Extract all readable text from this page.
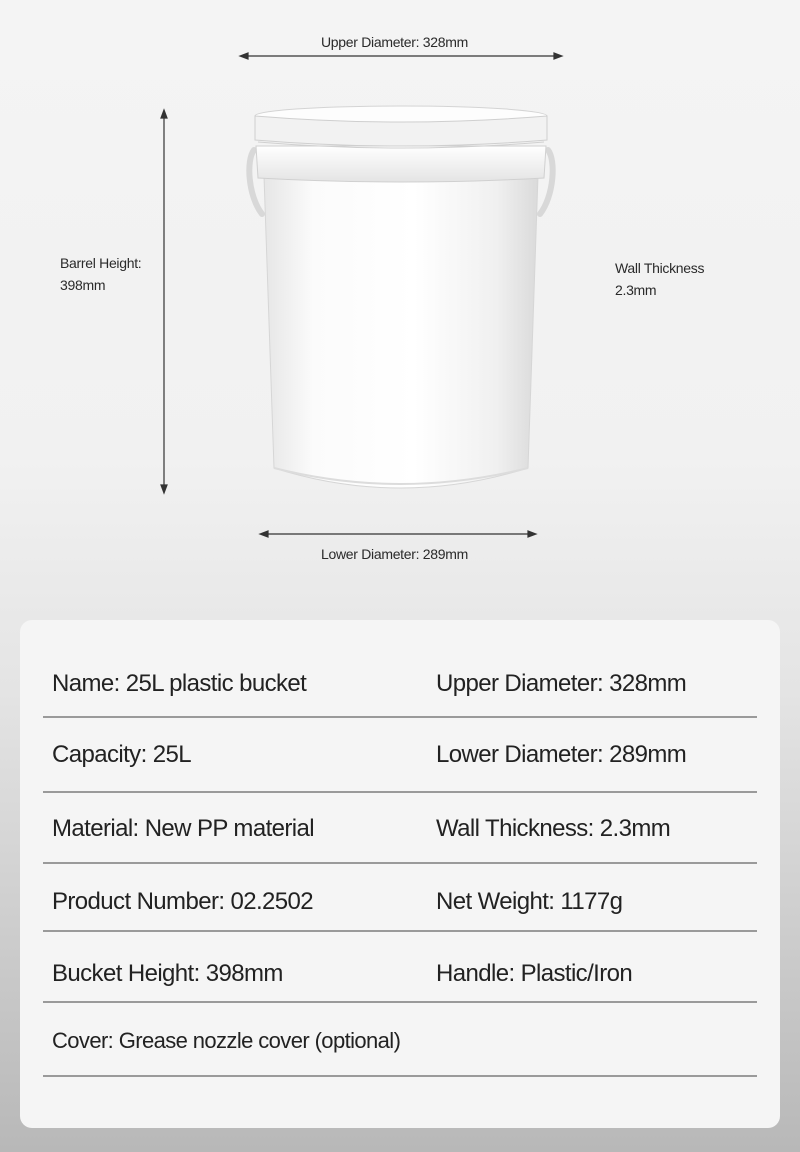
Upper Diameter: 328mm
Barrel Height:
398mm
Wall Thickness
2.3mm
Lower Diameter: 289mm
Name: 25L plastic bucket	Upper Diameter: 328mm
Capacity: 25L	Lower Diameter: 289mm
Material: New PP material	Wall Thickness: 2.3mm
Product Number: 02.2502	Net Weight: 1177g
Bucket Height: 398mm	Handle: Plastic/Iron
Cover: Grease nozzle cover (optional)
